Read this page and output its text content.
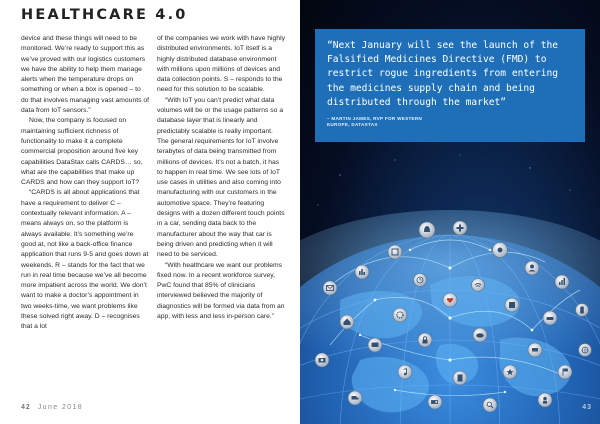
HEALTHCARE 4.0

device and these things will need to be monitored. We’re ready to support this as we’ve proved with our logistics customers we have the ability to help them manage alerts when the temperature drops on something or when a box is opened – to do that involves managing vast amounts of data from IoT sensors.”

Now, the company is focused on maintaining sufficient richness of functionality to make it a complete commercial proposition around five key capabilities DataStax calls CARDS… so, what are the capabilities that make up CARDS and how can they support IoT?

“CARDS is all about applications that have a requirement to deliver C – contextually relevant information. A – means always on, so the platform is always available. It’s something we’re good at, not like a back-office finance application that runs 9-5 and goes down at weekends. R – stands for the fact that we run in real time because we’ve all become more impatient across the world. We don’t want to make a doctor’s appointment in two weeks-time, we want problems like these solved right away. D – recognises that a lot

of the companies we work with have highly distributed environments. IoT itself is a highly distributed database environment with millions upon millions of devices and data collection points. S – responds to the need for this solution to be scalable.

“With IoT you can’t predict what data volumes will be or the usage patterns so a database layer that is linearly and predictably scalable is really important. The general requirements for IoT involve terabytes of data being transmitted from millions of devices. It’s not a batch, it has to happen in real time. We see lots of IoT use cases in utilities and also coming into manufacturing with our customers in the automotive space. They’re featuring designs with a dozen different touch points in a car, sending data back to the manufacturer about the way that car is being driven and predicting when it will need to be serviced.

“With healthcare we want our problems fixed now. In a recent workforce survey, PwC found that 85% of clinicians interviewed believed the majority of diagnostics will be formed via data from an app, with less and less in-person care.”

42 June 2018

“Next January will see the launch of the Falsified Medicines Directive (FMD) to restrict rogue ingredients from entering the medicines supply chain and being distributed through the market”

– MARTIN JAMES, RVP FOR WESTERN EUROPE, DATASTAX

43
